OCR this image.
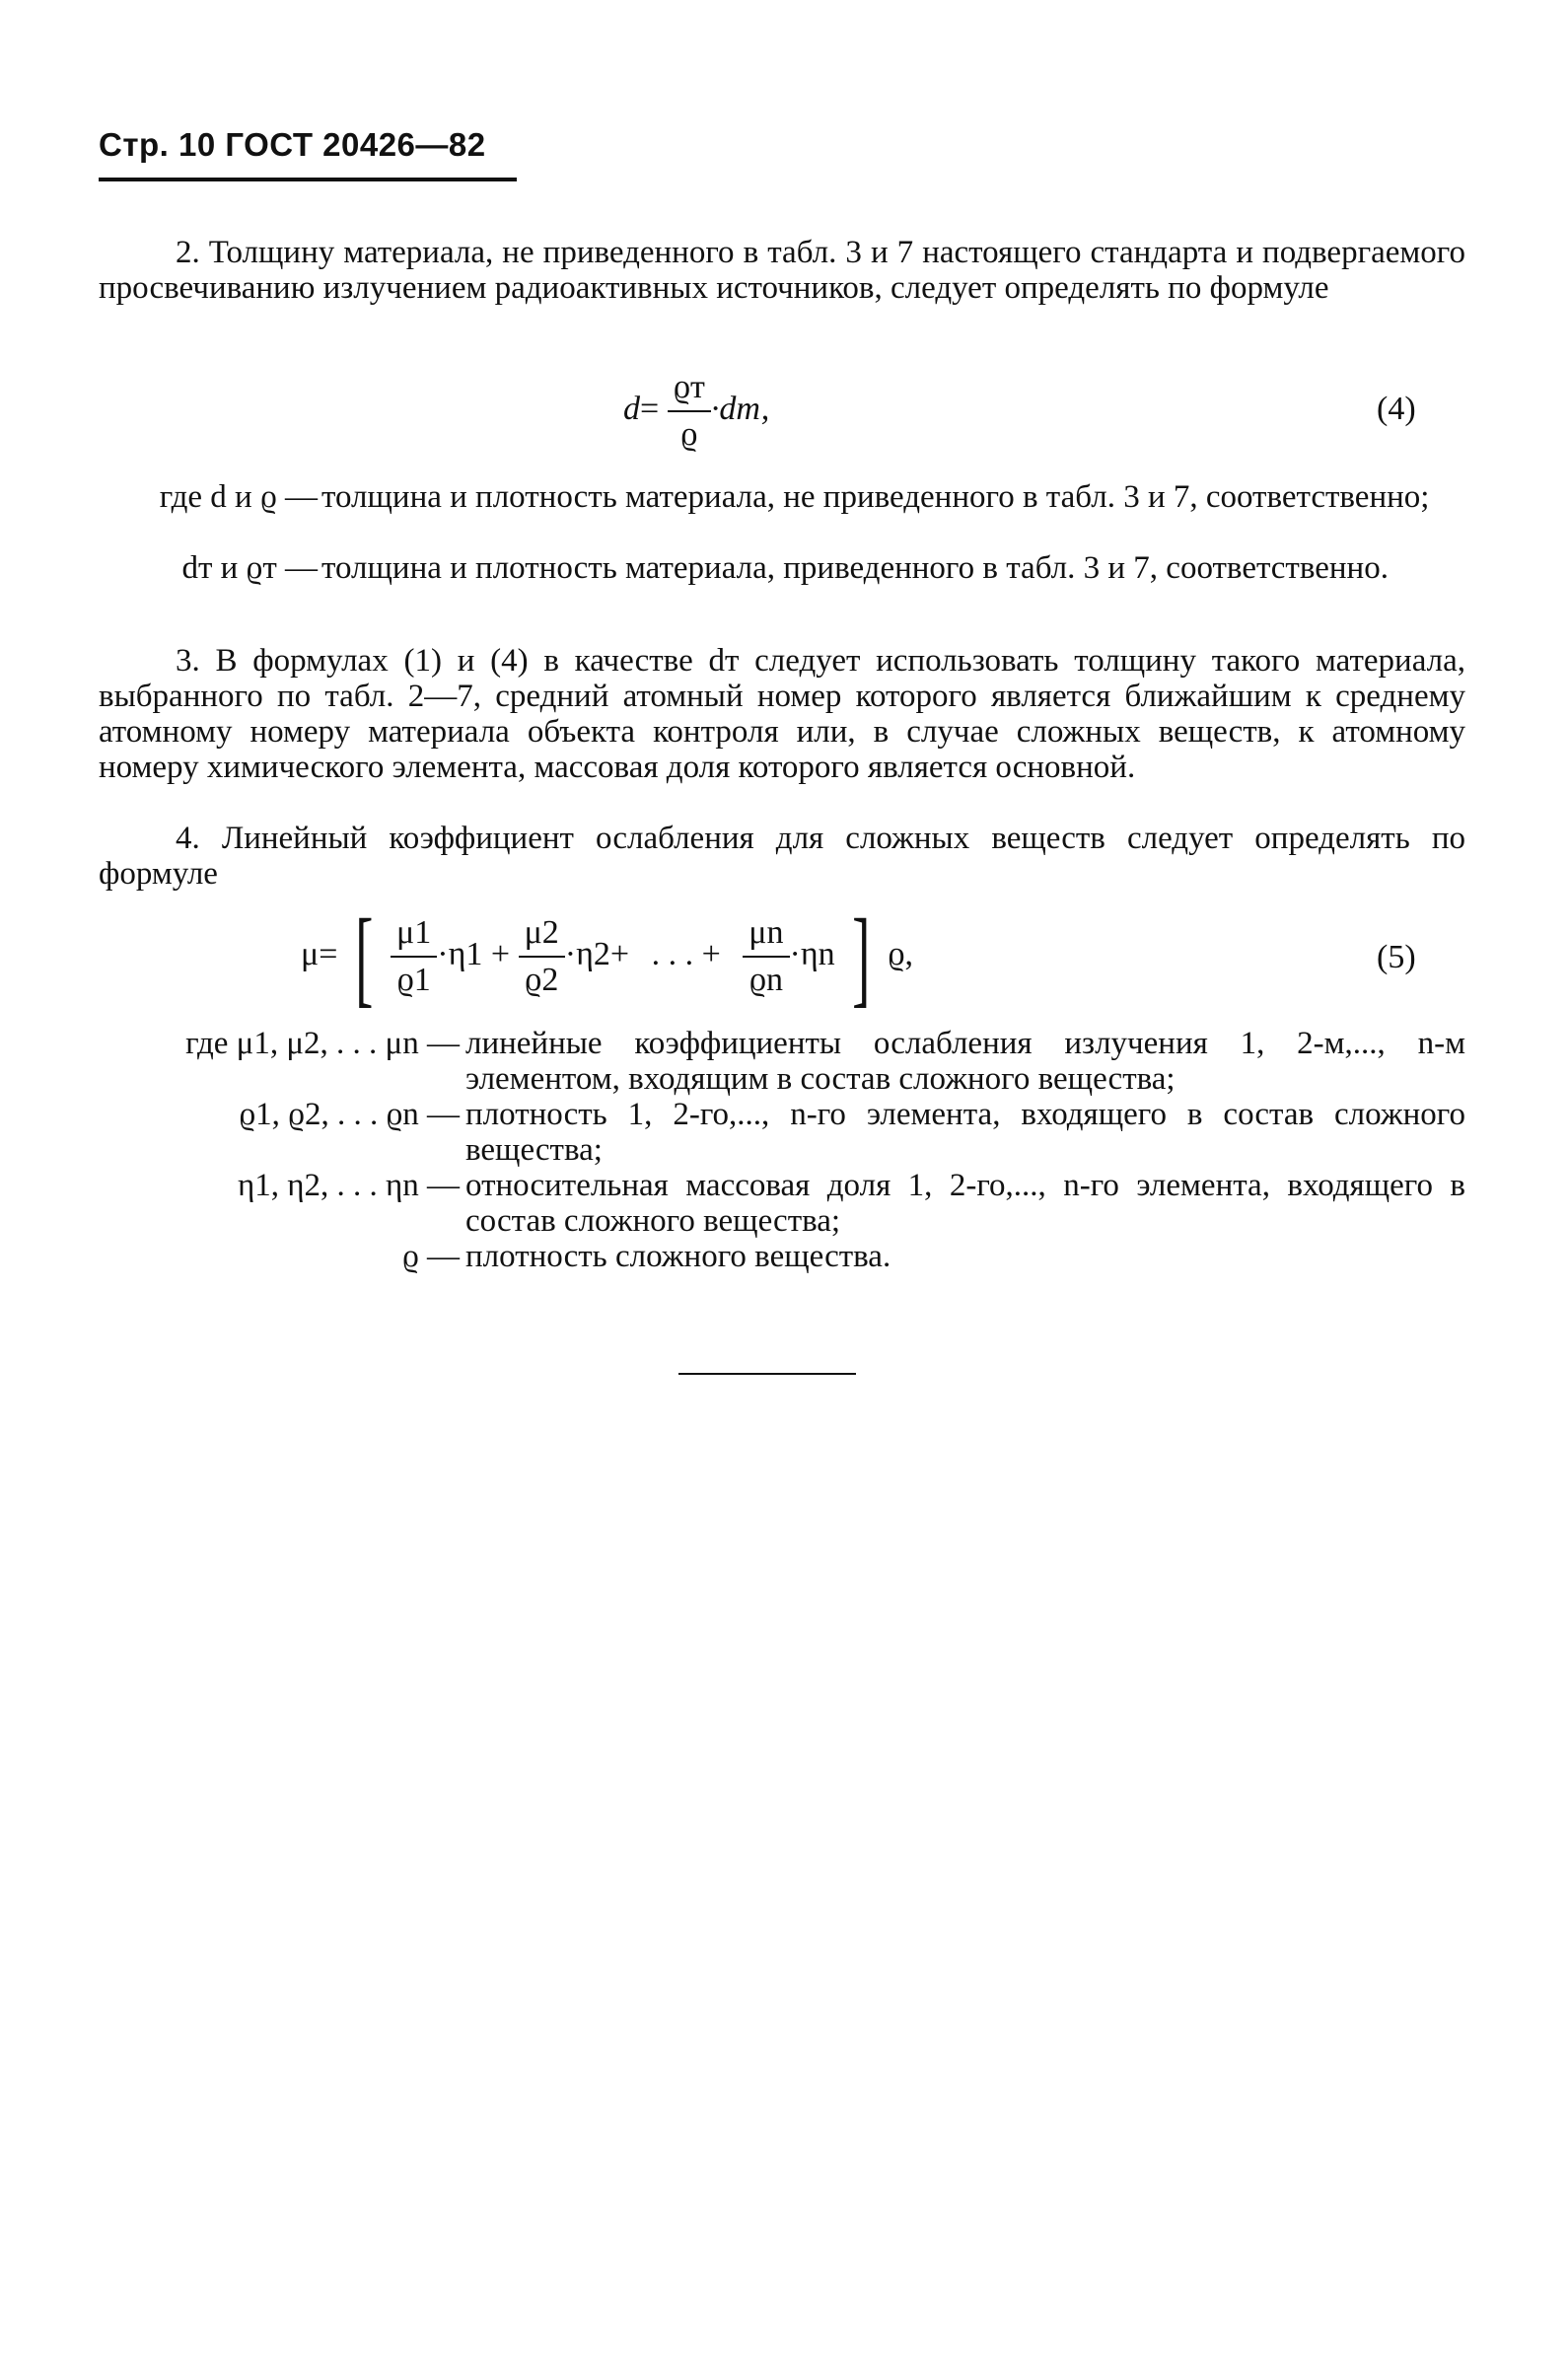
Стр. 10 ГОСТ 20426—82
2. Толщину материала, не приведенного в табл. 3 и 7 настоящего стандарта и подвергаемого просвечиванию излучением радиоактивных источников, следует определять по формуле
$d= \frac{ϱт}{ϱ} \cdot dт$,	(4)
где d и ϱ — толщина и плотность материала, не приведенного в табл. 3 и 7, соответственно;
dт и ϱт — толщина и плотность материала, приведенного в табл. 3 и 7, соответственно.
3. В формулах (1) и (4) в качестве dт следует использовать толщину такого материала, выбранного по табл. 2—7, средний атомный номер которого является ближайшим к среднему атомному номеру материала объекта контроля или, в случае сложных веществ, к атомному номеру химического элемента, массовая доля которого является основной.
4. Линейный коэффициент ослабления для сложных веществ следует определять по формуле
μ= [ $\frac{\mu 1}{ϱ1} \cdot\eta 1 + \frac{\mu 2}{ϱ2} \cdot\eta 2+$ . . . + $\frac{\mu n}{ϱn} \cdot\eta n$ ] ϱ,	(5)
где μ1, μ2, . . . μn — линейные коэффициенты ослабления излучения 1, 2-м,..., n-м элементом, входящим в состав сложного вещества;
ϱ1, ϱ2, . . . ϱn — плотность 1, 2-го,..., n-го элемента, входящего в состав сложного вещества;
η1, η2, . . . ηn — относительная массовая доля 1, 2-го,..., n-го элемента, входящего в состав сложного вещества;
ϱ — плотность сложного вещества.
